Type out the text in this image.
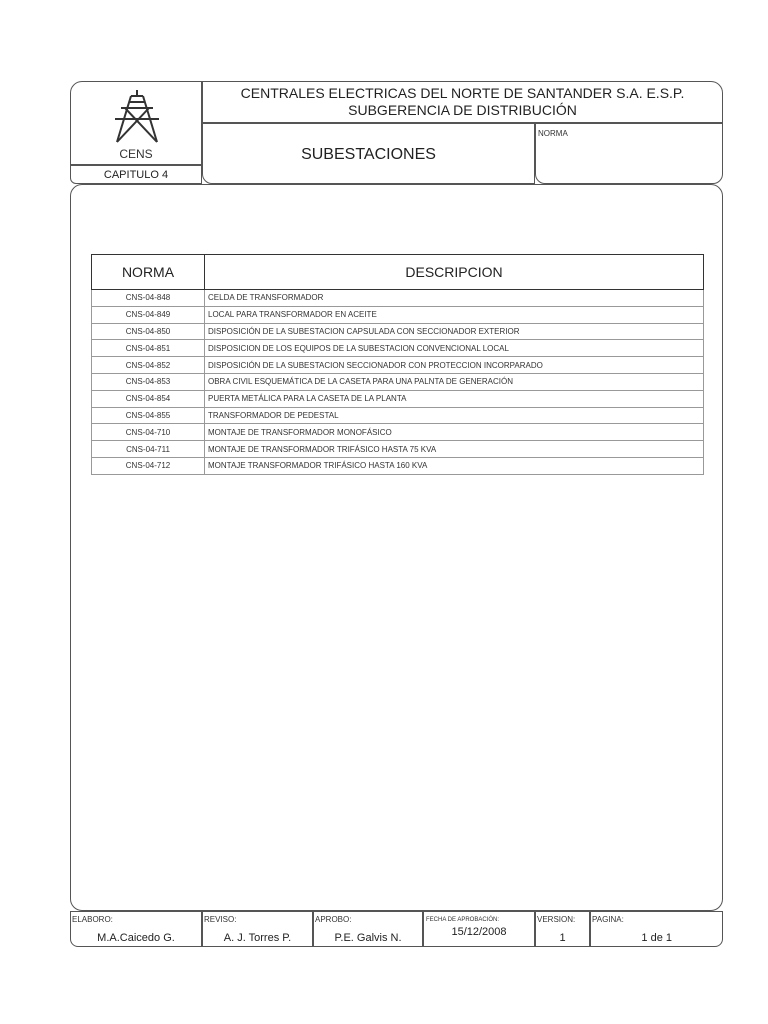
CENS
CAPITULO 4
CENTRALES ELECTRICAS DEL NORTE DE SANTANDER S.A. E.S.P.
SUBGERENCIA DE DISTRIBUCIÓN
SUBESTACIONES
NORMA
NORMA	DESCRIPCION
CNS-04-848	CELDA DE TRANSFORMADOR
CNS-04-849	LOCAL PARA TRANSFORMADOR EN ACEITE
CNS-04-850	DISPOSICIÓN DE LA SUBESTACION CAPSULADA CON SECCIONADOR EXTERIOR
CNS-04-851	DISPOSICION DE LOS EQUIPOS DE LA SUBESTACION CONVENCIONAL LOCAL
CNS-04-852	DISPOSICIÓN DE LA SUBESTACION SECCIONADOR CON PROTECCION INCORPARADO
CNS-04-853	OBRA CIVIL ESQUEMÁTICA DE LA CASETA PARA UNA PALNTA DE GENERACIÓN
CNS-04-854	PUERTA METÁLICA PARA LA CASETA DE LA PLANTA
CNS-04-855	TRANSFORMADOR DE PEDESTAL
CNS-04-710	MONTAJE DE TRANSFORMADOR MONOFÁSICO
CNS-04-711	MONTAJE DE TRANSFORMADOR TRIFÁSICO HASTA 75 KVA
CNS-04-712	MONTAJE TRANSFORMADOR TRIFÁSICO HASTA 160 KVA
ELABORO:
M.A.Caicedo G.
REVISO:
A. J. Torres P.
APROBO:
P.E. Galvis N.
FECHA DE APROBACIÓN:
15/12/2008
VERSION:
1
PAGINA:
1 de 1
